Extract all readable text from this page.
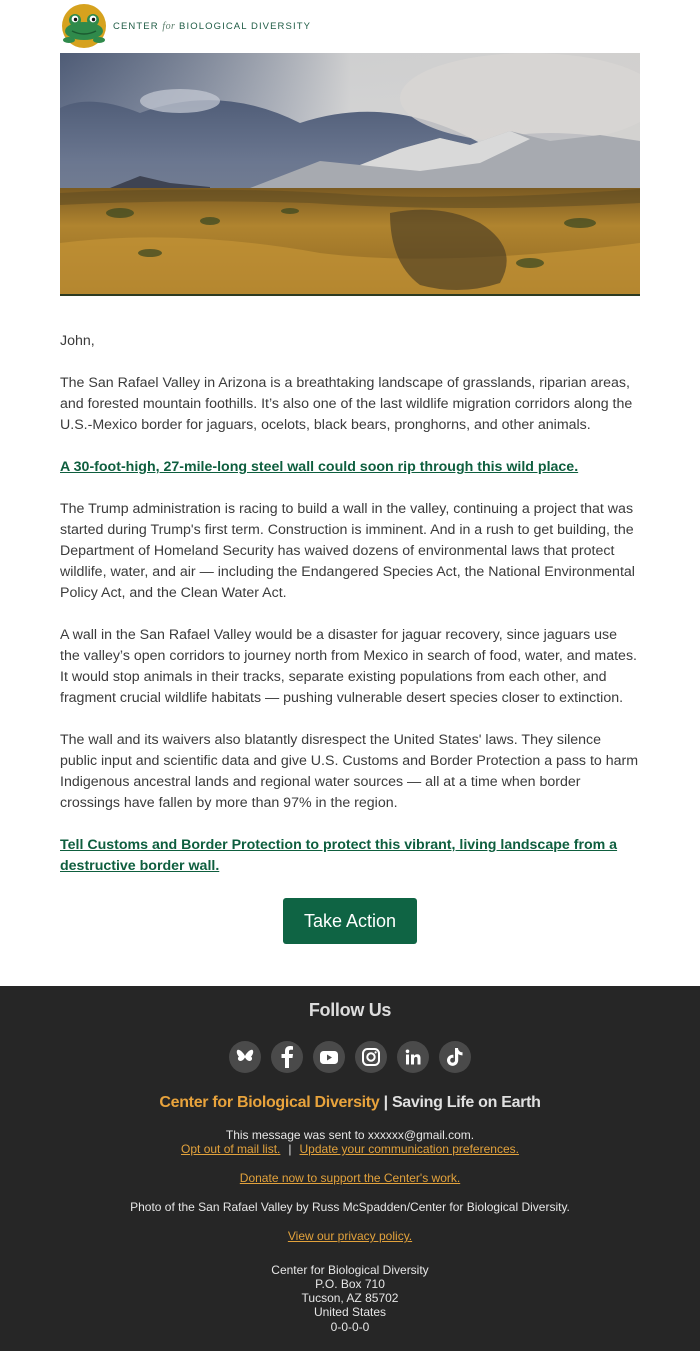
CENTER for BIOLOGICAL DIVERSITY

John,

The San Rafael Valley in Arizona is a breathtaking landscape of grasslands, riparian areas, and forested mountain foothills. It’s also one of the last wildlife migration corridors along the U.S.-Mexico border for jaguars, ocelots, black bears, pronghorns, and other animals.

A 30-foot-high, 27-mile-long steel wall could soon rip through this wild place.

The Trump administration is racing to build a wall in the valley, continuing a project that was started during Trump's first term. Construction is imminent. And in a rush to get building, the Department of Homeland Security has waived dozens of environmental laws that protect wildlife, water, and air — including the Endangered Species Act, the National Environmental Policy Act, and the Clean Water Act.

A wall in the San Rafael Valley would be a disaster for jaguar recovery, since jaguars use the valley’s open corridors to journey north from Mexico in search of food, water, and mates. It would stop animals in their tracks, separate existing populations from each other, and fragment crucial wildlife habitats — pushing vulnerable desert species closer to extinction.

The wall and its waivers also blatantly disrespect the United States' laws. They silence public input and scientific data and give U.S. Customs and Border Protection a pass to harm Indigenous ancestral lands and regional water sources — all at a time when border crossings have fallen by more than 97% in the region.

Tell Customs and Border Protection to protect this vibrant, living landscape from a destructive border wall.

Take Action
Follow Us
Center for Biological Diversity | Saving Life on Earth
This message was sent to xxxxxx@gmail.com.
Opt out of mail list. | Update your communication preferences.
Donate now to support the Center's work.
Photo of the San Rafael Valley by Russ McSpadden/Center for Biological Diversity.
View our privacy policy.
Center for Biological Diversity
P.O. Box 710
Tucson, AZ 85702
United States
0-0-0-0
